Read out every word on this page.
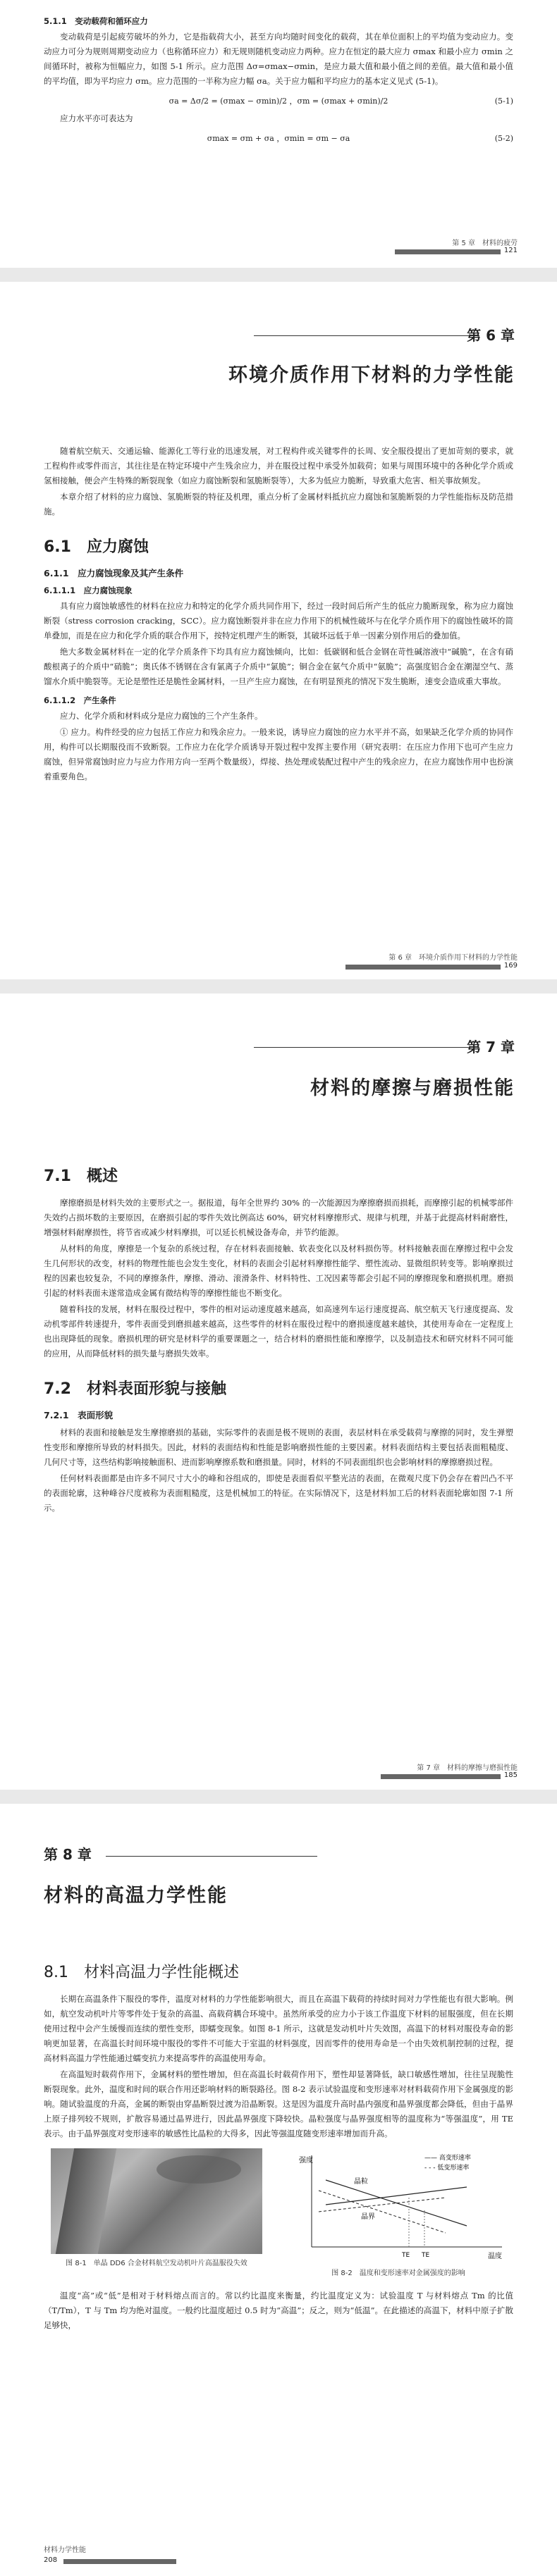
5.1.1　变动载荷和循环应力

变动载荷是引起疲劳破坏的外力，它是指载荷大小，甚至方向均随时间变化的载荷，其在单位面积上的平均值为变动应力。变动应力可分为规则周期变动应力（也称循环应力）和无规则随机变动应力两种。应力在恒定的最大应力 σmax 和最小应力 σmin 之间循环时，被称为恒幅应力，如图 5-1 所示。应力范围 Δσ=σmax−σmin，是应力最大值和最小值之间的差值。最大值和最小值的平均值，即为平均应力 σm。应力范围的一半称为应力幅 σa。关于应力幅和平均应力的基本定义见式 (5-1)。

σa = Δσ/2 = (σmax − σmin)/2 ，σm = (σmax + σmin)/2	(5-1)

应力水平亦可表达为

σmax = σm + σa ，σmin = σm − σa	(5-2)
第 5 章　材料的疲劳
121
第 6 章
环境介质作用下材料的力学性能

随着航空航天、交通运输、能源化工等行业的迅速发展，对工程构件或关键零件的长周、安全服役提出了更加苛刻的要求，就工程构件或零件而言，其往往是在特定环境中产生残余应力，并在服役过程中承受外加载荷；如果与周围环境中的各种化学介质或氢相接触，便会产生特殊的断裂现象（如应力腐蚀断裂和氢脆断裂等），大多为低应力脆断，导致重大危害、相关事故频发。

本章介绍了材料的应力腐蚀、氢脆断裂的特征及机理，重点分析了金属材料抵抗应力腐蚀和氢脆断裂的力学性能指标及防范措施。

6.1　应力腐蚀
6.1.1　应力腐蚀现象及其产生条件
6.1.1.1　应力腐蚀现象

具有应力腐蚀敏感性的材料在拉应力和特定的化学介质共同作用下，经过一段时间后所产生的低应力脆断现象，称为应力腐蚀断裂（stress corrosion cracking，SCC）。应力腐蚀断裂并非在应力作用下的机械性破坏与在化学介质作用下的腐蚀性破坏的简单叠加，而是在应力和化学介质的联合作用下，按特定机理产生的断裂，其破坏远低于单一因素分别作用后的叠加值。

绝大多数金属材料在一定的化学介质条件下均具有应力腐蚀倾向，比如：低碳钢和低合金钢在苛性碱溶液中“碱脆”，在含有硝酸根离子的介质中“硝脆”；奥氏体不锈钢在含有氯离子介质中“氯脆”；铜合金在氨气介质中“氨脆”；高强度铝合金在潮湿空气、蒸馏水介质中脆裂等。无论是塑性还是脆性金属材料，一旦产生应力腐蚀，在有明显预兆的情况下发生脆断，速变会造成重大事故。

6.1.1.2　产生条件

应力、化学介质和材料成分是应力腐蚀的三个产生条件。

① 应力。构件经受的应力包括工作应力和残余应力。一般来说，诱导应力腐蚀的应力水平并不高，如果缺乏化学介质的协同作用，构件可以长期服役而不致断裂。工作应力在化学介质诱导开裂过程中发挥主要作用（研究表明：在压应力作用下也可产生应力腐蚀，但异常腐蚀时应力与应力作用方向一至两个数量级），焊接、热处理或装配过程中产生的残余应力，在应力腐蚀作用中也扮演着重要角色。

第 6 章　环境介质作用下材料的力学性能
169
第 7 章
材料的摩擦与磨损性能
7.1　概述

摩擦磨损是材料失效的主要形式之一。据报道，每年全世界约 30% 的一次能源因为摩擦磨损而损耗，而摩擦引起的机械零部件失效约占损坏数的主要原因，在磨损引起的零件失效比例高达 60%，研究材料摩擦形式、规律与机理，并基于此提高材料耐磨性，增强材料耐摩损性，将节省或减少材料摩损，可以延长机械设备寿命，并节约能源。

从材料的角度，摩擦是一个复杂的系统过程，存在材料表面接触、软表变化以及材料损伤等。材料接触表面在摩擦过程中会发生几何形状的改变，材料的物理性能也会发生变化，材料的表面会引起材料摩擦性能学、塑性流动、显微组织转变等。影响摩损过程的因素也较复杂，不同的摩擦条件，摩擦、滑动、滚滑条件、材料特性、工况因素等都会引起不同的摩擦现象和磨损机理。磨损引起的材料表面未遂常造成金属有微结构等的摩擦性能也不断变化。

随着科技的发展，材料在服役过程中，零件的相对运动速度越来越高，如高速列车运行速度提高、航空航天飞行速度提高、发动机零部件转速提升，零件表面受到磨损越来越高，这些零件的材料在服役过程中的磨损速度越来越快，其使用寿命在一定程度上也出现降低的现象。磨损机理的研究是材料学的重要课题之一，结合材料的磨损性能和摩擦学，以及制造技术和研究材料不同可能的应用，从而降低材料的损失量与磨损失效率。

7.2　材料表面形貌与接触
7.2.1　表面形貌

材料的表面和接触是发生摩擦磨损的基础，实际零件的表面是极不规则的表面，表层材料在承受载荷与摩擦的同时，发生弹塑性变形和摩擦所导致的材料损失。因此，材料的表面结构和性能是影响磨损性能的主要因素。材料表面结构主要包括表面粗糙度、几何尺寸等，这些结构影响接触面积、进而影响摩擦系数和磨损量。同时，材料的不同表面组织也会影响材料的摩擦磨损过程。

任何材料表面都是由许多不同尺寸大小的峰和谷组成的，即使是表面看似平整光洁的表面，在微观尺度下仍会存在着凹凸不平的表面轮廓，这种峰谷尺度被称为表面粗糙度，这是机械加工的特征。在实际情况下，这是材料加工后的材料表面轮廓如图 7-1 所示。

第 7 章　材料的摩擦与磨损性能
185
第 8 章
材料的高温力学性能
8.1　材料高温力学性能概述

长期在高温条件下服役的零件，温度对材料的力学性能影响很大，而且在高温下载荷的持续时间对力学性能也有很大影响。例如，航空发动机叶片等零件处于复杂的高温、高载荷耦合环境中。虽然所承受的应力小于该工作温度下材料的屈服强度，但在长期使用过程中会产生缓慢而连续的塑性变形，即蠕变现象。如图 8-1 所示，这就是发动机叶片失效图，高温下的材料对服役寿命的影响更加显著，在高温长时间环境中服役的零件不可能大于室温的材料强度，因而零件的使用寿命是一个由失效机制控制的过程，提高材料高温力学性能通过蠕变抗力来提高零件的高温使用寿命。

在高温短时载荷作用下，金属材料的塑性增加，但在高温长时载荷作用下，塑性却显著降低，缺口敏感性增加，往往呈现脆性断裂现象。此外，温度和时间的联合作用还影响材料的断裂路径。图 8-2 表示试验温度和变形速率对材料载荷作用下金属强度的影响。随试验温度的升高，金属的断裂由穿晶断裂过渡为沿晶断裂。这是因为温度升高时晶内强度和晶界强度都会降低，但由于晶界上原子排列较不规则，扩散容易通过晶界进行，因此晶界强度下降较快。晶粒强度与晶界强度相等的温度称为“等强温度”，用 TE 表示。由于晶界强度对变形速率的敏感性比晶粒的大得多，因此等强温度随变形速率增加而升高。

图 8-1　单晶 DD6 合金材料航空发动机叶片高温服役失效
强度
温度
晶粒
晶界
TE TE
—— 高变形速率
- - - 低变形速率
图 8-2　温度和变形速率对金属强度的影响

温度“高”或“低”是相对于材料熔点而言的。常以约比温度来衡量，约比温度定义为：试验温度 T 与材料熔点 Tm 的比值（T/Tm），T 与 Tm 均为绝对温度。一般约比温度超过 0.5 时为“高温”；反之，则为“低温”。在此描述的高温下，材料中原子扩散足够快，

材料力学性能
208
